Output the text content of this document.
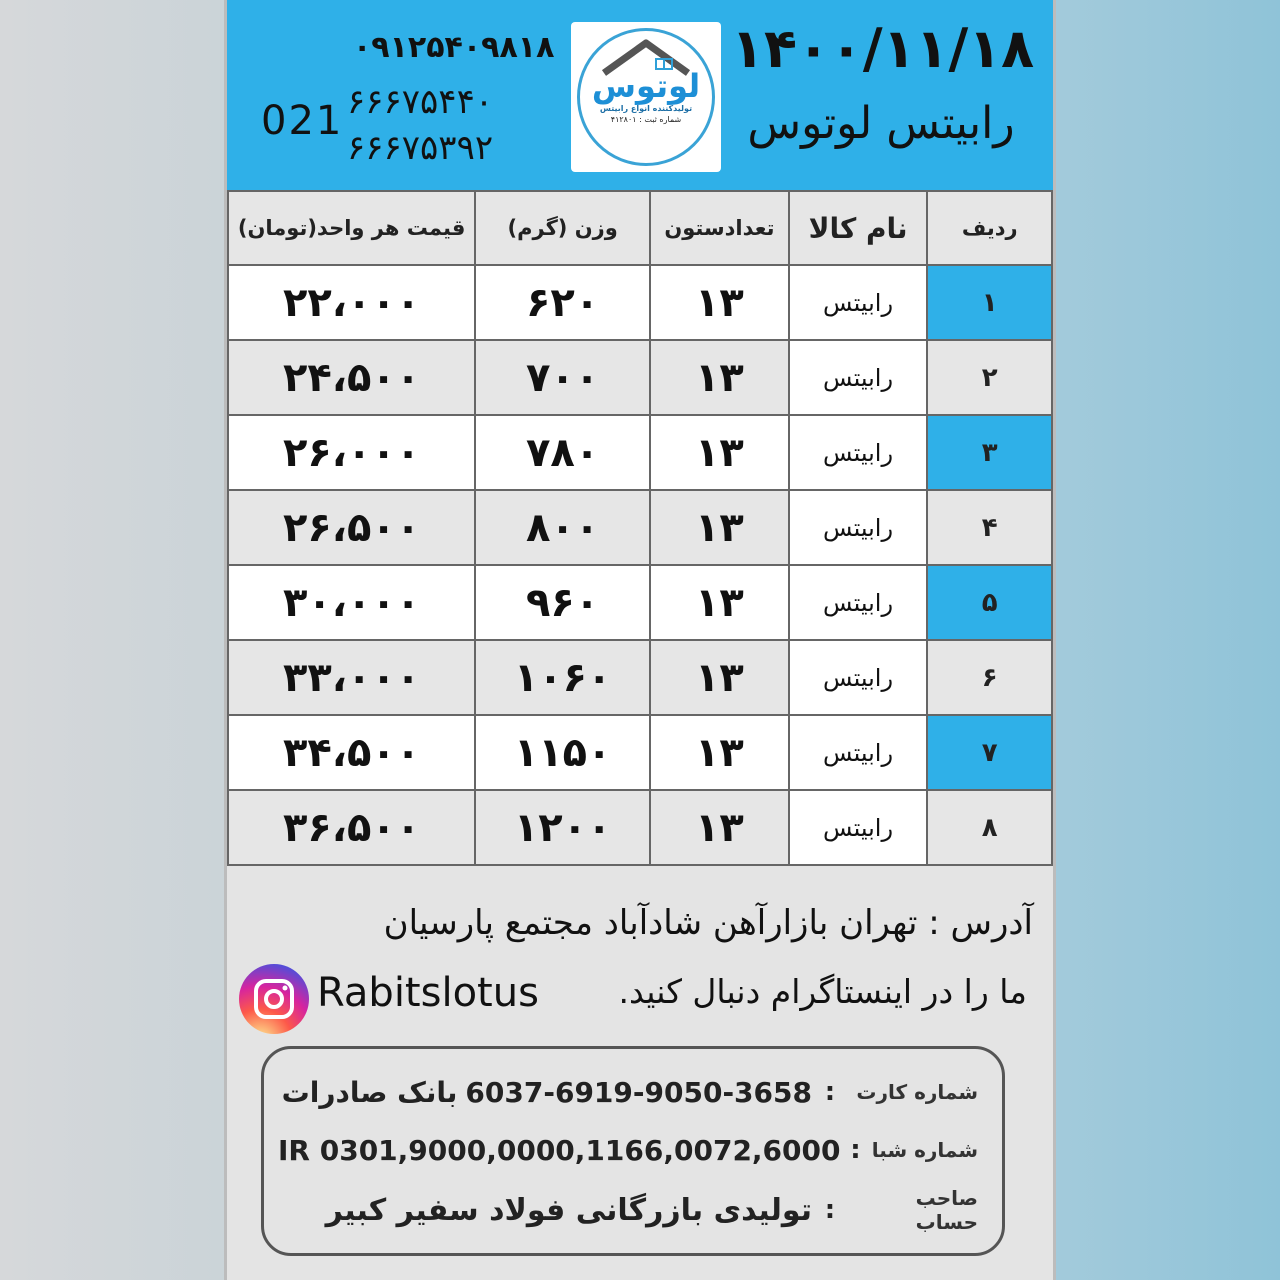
۰۹۱۲۵۴۰۹۸۱۸
021 ۶۶۶۷۵۴۴۰
۶۶۶۷۵۳۹۲
لوتوس
تولیدکننده انواع رابیتس
شماره ثبت : ۴۱۲۸۰۱
۱۴۰۰/۱۱/۱۸
رابیتس لوتوس
ردیف	نام کالا	تعدادستون	وزن (گرم)	قیمت هر واحد(تومان)
۱	رابیتس	۱۳	۶۲۰	۲۲،۰۰۰
۲	رابیتس	۱۳	۷۰۰	۲۴،۵۰۰
۳	رابیتس	۱۳	۷۸۰	۲۶،۰۰۰
۴	رابیتس	۱۳	۸۰۰	۲۶،۵۰۰
۵	رابیتس	۱۳	۹۶۰	۳۰،۰۰۰
۶	رابیتس	۱۳	۱۰۶۰	۳۳،۰۰۰
۷	رابیتس	۱۳	۱۱۵۰	۳۴،۵۰۰
۸	رابیتس	۱۳	۱۲۰۰	۳۶،۵۰۰
آدرس : تهران بازارآهن شادآباد مجتمع پارسیان
Rabitslotus ما را در اینستاگرام دنبال کنید.
شماره کارت
:
6037-6919-9050-3658
بانک صادرات
شماره شبا
:
IR 0301,9000,0000,1166,0072,6000
صاحب حساب
:
تولیدی بازرگانی فولاد سفیر کبیر
